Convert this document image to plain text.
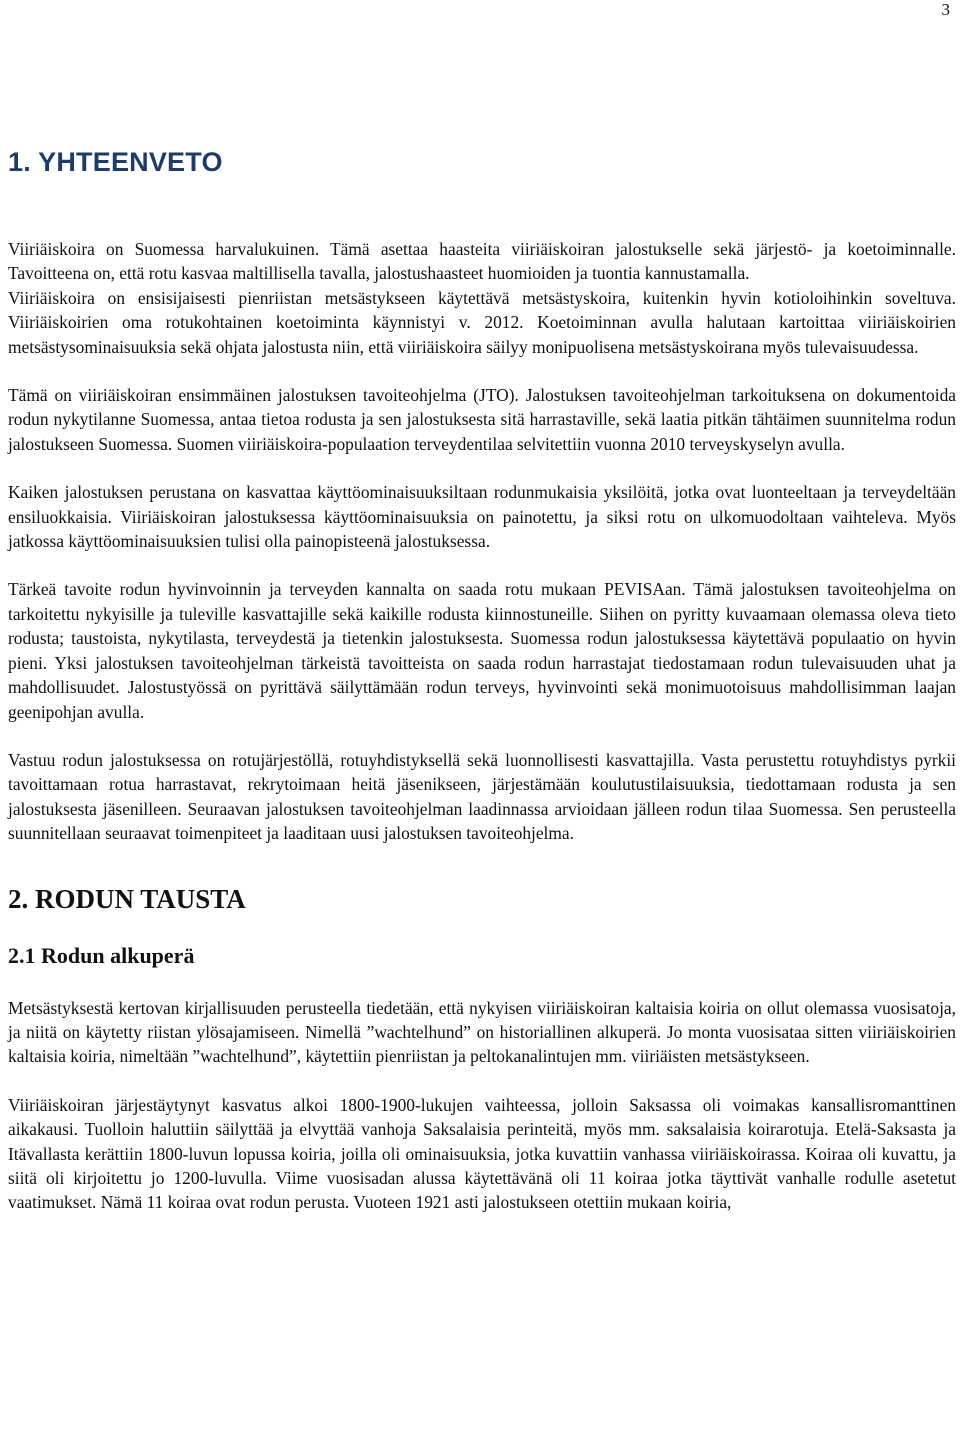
3
1. YHTEENVETO

Viiriäiskoira on Suomessa harvalukuinen. Tämä asettaa haasteita viiriäiskoiran jalostukselle sekä järjestö- ja koetoiminnalle. Tavoitteena on, että rotu kasvaa maltillisella tavalla, jalostushaasteet huomioiden ja tuontia kannustamalla.

Viiriäiskoira on ensisijaisesti pienriistan metsästykseen käytettävä metsästyskoira, kuitenkin hyvin kotioloihinkin soveltuva. Viiriäiskoirien oma rotukohtainen koetoiminta käynnistyi v. 2012. Koetoiminnan avulla halutaan kartoittaa viiriäiskoirien metsästysominaisuuksia sekä ohjata jalostusta niin, että viiriäiskoira säilyy monipuolisena metsästyskoirana myös tulevaisuudessa.

Tämä on viiriäiskoiran ensimmäinen jalostuksen tavoiteohjelma (JTO). Jalostuksen tavoiteohjelman tarkoituksena on dokumentoida rodun nykytilanne Suomessa, antaa tietoa rodusta ja sen jalostuksesta sitä harrastaville, sekä laatia pitkän tähtäimen suunnitelma rodun jalostukseen Suomessa. Suomen viiriäiskoira-populaation terveydentilaa selvitettiin vuonna 2010 terveyskyselyn avulla.

Kaiken jalostuksen perustana on kasvattaa käyttöominaisuuksiltaan rodunmukaisia yksilöitä, jotka ovat luonteeltaan ja terveydeltään ensiluokkaisia. Viiriäiskoiran jalostuksessa käyttöominaisuuksia on painotettu, ja siksi rotu on ulkomuodoltaan vaihteleva. Myös jatkossa käyttöominaisuuksien tulisi olla painopisteenä jalostuksessa.

Tärkeä tavoite rodun hyvinvoinnin ja terveyden kannalta on saada rotu mukaan PEVISAan. Tämä jalostuksen tavoiteohjelma on tarkoitettu nykyisille ja tuleville kasvattajille sekä kaikille rodusta kiinnostuneille. Siihen on pyritty kuvaamaan olemassa oleva tieto rodusta; taustoista, nykytilasta, terveydestä ja tietenkin jalostuksesta. Suomessa rodun jalostuksessa käytettävä populaatio on hyvin pieni. Yksi jalostuksen tavoiteohjelman tärkeistä tavoitteista on saada rodun harrastajat tiedostamaan rodun tulevaisuuden uhat ja mahdollisuudet. Jalostustyössä on pyrittävä säilyttämään rodun terveys, hyvinvointi sekä monimuotoisuus mahdollisimman laajan geenipohjan avulla.

Vastuu rodun jalostuksessa on rotujärjestöllä, rotuyhdistyksellä sekä luonnollisesti kasvattajilla. Vasta perustettu rotuyhdistys pyrkii tavoittamaan rotua harrastavat, rekrytoimaan heitä jäsenikseen, järjestämään koulutustilaisuuksia, tiedottamaan rodusta ja sen jalostuksesta jäsenilleen. Seuraavan jalostuksen tavoiteohjelman laadinnassa arvioidaan jälleen rodun tilaa Suomessa. Sen perusteella suunnitellaan seuraavat toimenpiteet ja laaditaan uusi jalostuksen tavoiteohjelma.

2. RODUN TAUSTA
2.1 Rodun alkuperä

Metsästyksestä kertovan kirjallisuuden perusteella tiedetään, että nykyisen viiriäiskoiran kaltaisia koiria on ollut olemassa vuosisatoja, ja niitä on käytetty riistan ylösajamiseen. Nimellä ”wachtelhund” on historiallinen alkuperä. Jo monta vuosisataa sitten viiriäiskoirien kaltaisia koiria, nimeltään ”wachtelhund”, käytettiin pienriistan ja peltokanalintujen mm. viiriäisten metsästykseen.

Viiriäiskoiran järjestäytynyt kasvatus alkoi 1800-1900-lukujen vaihteessa, jolloin Saksassa oli voimakas kansallisromanttinen aikakausi. Tuolloin haluttiin säilyttää ja elvyttää vanhoja Saksalaisia perinteitä, myös mm. saksalaisia koirarotuja. Etelä-Saksasta ja Itävallasta kerättiin 1800-luvun lopussa koiria, joilla oli ominaisuuksia, jotka kuvattiin vanhassa viiriäiskoirassa. Koiraa oli kuvattu, ja siitä oli kirjoitettu jo 1200-luvulla. Viime vuosisadan alussa käytettävänä oli 11 koiraa jotka täyttivät vanhalle rodulle asetetut vaatimukset. Nämä 11 koiraa ovat rodun perusta. Vuoteen 1921 asti jalostukseen otettiin mukaan koiria,
